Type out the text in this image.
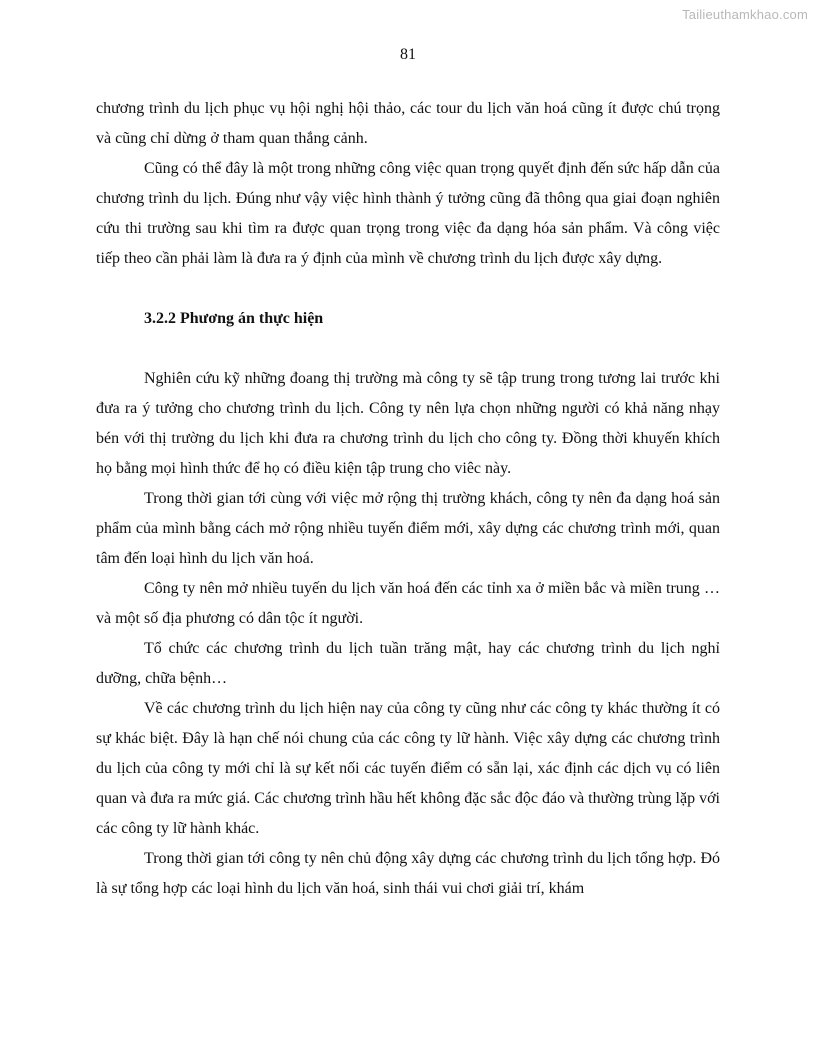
Tailieuthamkhao.com
81

chương trình du lịch phục vụ hội nghị hội thảo, các tour du lịch văn hoá cũng ít được chú trọng và cũng chỉ dừng ở tham quan thắng cảnh.

Cũng có thể đây là một trong những công việc quan trọng quyết định đến sức hấp dẫn của chương trình du lịch. Đúng như vậy việc hình thành ý tưởng cũng đã thông qua giai đoạn nghiên cứu thi trường sau khi tìm ra được quan trọng trong việc đa dạng hóa sản phẩm. Và công việc tiếp theo cần phải làm là đưa ra ý định của mình về chương trình du lịch được xây dựng.

3.2.2 Phương án thực hiện

Nghiên cứu kỹ những đoang thị trường mà công ty sẽ tập trung trong tương lai trước khi đưa ra ý tưởng cho chương trình du lịch. Công ty nên lựa chọn những người có khả năng nhạy bén với thị trường du lịch khi đưa ra chương trình du lịch cho công ty. Đồng thời khuyến khích họ bằng mọi hình thức để họ có điều kiện tập trung cho viêc này.

Trong thời gian tới cùng với việc mở rộng thị trường khách, công ty nên đa dạng hoá sản phẩm của mình bằng cách mở rộng nhiều tuyến điểm mới, xây dựng các chương trình mới, quan tâm đến loại hình du lịch văn hoá.

Công ty nên mở nhiều tuyến du lịch văn hoá đến các tỉnh xa ở miền bắc và miền trung … và một số địa phương có dân tộc ít người.

Tổ chức các chương trình du lịch tuần trăng mật, hay các chương trình du lịch nghỉ dưỡng, chữa bệnh…

Về các chương trình du lịch hiện nay của công ty cũng như các công ty khác thường ít có sự khác biệt. Đây là hạn chế nói chung của các công ty lữ hành. Việc xây dựng các chương trình du lịch của công ty mới chỉ là sự kết nối các tuyến điểm có sẵn lại, xác định các dịch vụ có liên quan và đưa ra mức giá. Các chương trình hầu hết không đặc sắc độc đáo và thường trùng lặp với các công ty lữ hành khác.

Trong thời gian tới công ty nên chủ động xây dựng các chương trình du lịch tổng hợp. Đó là sự tổng hợp các loại hình du lịch văn hoá, sinh thái vui chơi giải trí, khám
